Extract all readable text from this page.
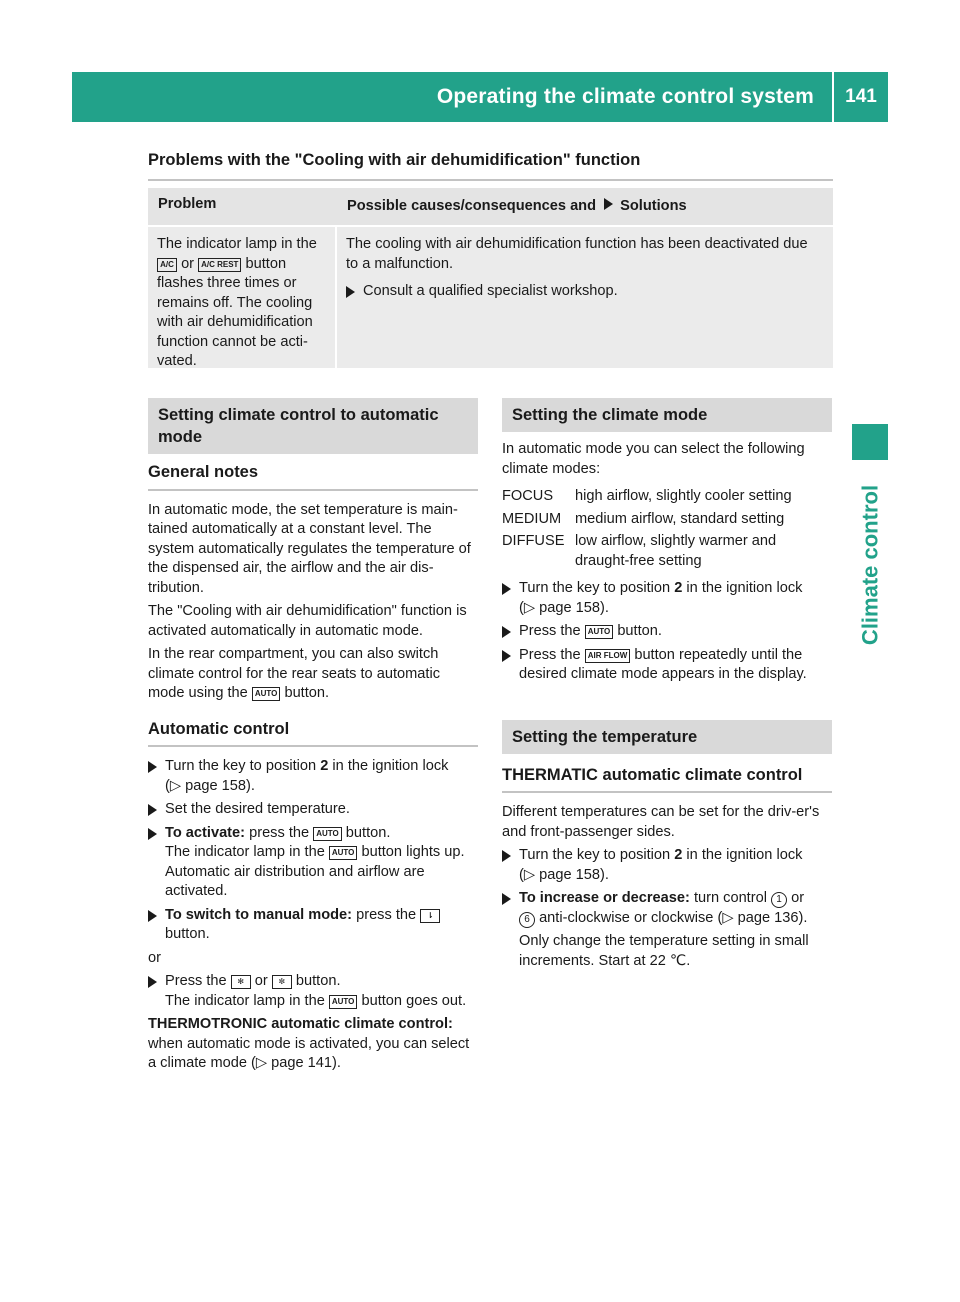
Operating the climate control system	141
Climate control
Problems with the "Cooling with air dehumidification" function
Problem	Possible causes/consequences and Solutions
The indicator lamp in the
A/C or A/C REST button
flashes three times or
remains off. The cooling
with air dehumidification
function cannot be acti-
vated.

The cooling with air dehumidification function has been deactivated due to a malfunction.

Consult a qualified specialist workshop.
Setting climate control to automatic
mode
General notes

In automatic mode, the set temperature is main-tained automatically at a constant level. The system automatically regulates the temperature of the dispensed air, the airflow and the air dis-tribution.

The "Cooling with air dehumidification" function is activated automatically in automatic mode.

In the rear compartment, you can also switch climate control for the rear seats to automatic mode using the AUTO button.

Automatic control
Turn the key to position 2 in the ignition lock
(▷ page 158).
Set the desired temperature.
To activate: press the AUTO button.
The indicator lamp in the AUTO button lights up. Automatic air distribution and airflow are activated.
To switch to manual mode: press the ⇂
button.

or

Press the ✻ or ✼ button.
The indicator lamp in the AUTO button goes out.

THERMOTRONIC automatic climate control: when automatic mode is activated, you can select a climate mode (▷ page 141).

Setting the climate mode

In automatic mode you can select the following climate modes:

FOCUS	high airflow, slightly cooler setting
MEDIUM medium airflow, standard setting
DIFFUSE low airflow, slightly warmer and draught-free setting
Turn the key to position 2 in the ignition lock
(▷ page 158).
Press the AUTO button.
Press the AIR FLOW button repeatedly until the desired climate mode appears in the display.
Setting the temperature
THERMATIC automatic climate control

Different temperatures can be set for the driv-er's and front-passenger sides.

Turn the key to position 2 in the ignition lock
(▷ page 158).
To increase or decrease: turn control 1 or
6 anti-clockwise or clockwise (▷ page 136).
Only change the temperature setting in small increments. Start at 22 ℃.
